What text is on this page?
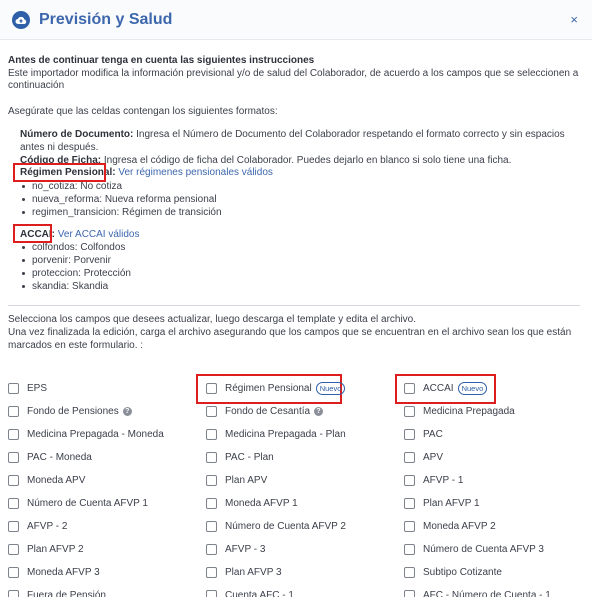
Previsión y Salud	×
Antes de continuar tenga en cuenta las siguientes instrucciones
Este importador modifica la información previsional y/o de salud del Colaborador, de acuerdo a los campos que se seleccionen a continuación
Asegúrate que las celdas contengan los siguientes formatos:
Número de Documento: Ingresa el Número de Documento del Colaborador respetando el formato correcto y sin espacios antes ni después.
Código de Ficha: Ingresa el código de ficha del Colaborador. Puedes dejarlo en blanco si solo tiene una ficha.
Régimen Pensional: Ver régimenes pensionales válidos
no_cotiza: No cotiza
nueva_reforma: Nueva reforma pensional
regimen_transicion: Régimen de transición
ACCAI: Ver ACCAI válidos
colfondos: Colfondos
porvenir: Porvenir
proteccion: Protección
skandia: Skandia
Selecciona los campos que desees actualizar, luego descarga el template y edita el archivo.
Una vez finalizada la edición, carga el archivo asegurando que los campos que se encuentran en el archivo sean los que están marcados en este formulario. :
EPS	Régimen Pensional	Nuevo	ACCAI	Nuevo
Fondo de Pensiones ?	Fondo de Cesantía ?	Medicina Prepagada
Medicina Prepagada - Moneda	Medicina Prepagada - Plan	PAC
PAC - Moneda	PAC - Plan	APV
Moneda APV	Plan APV	AFVP - 1
Número de Cuenta AFVP 1	Moneda AFVP 1	Plan AFVP 1
AFVP - 2	Número de Cuenta AFVP 2	Moneda AFVP 2
Plan AFVP 2	AFVP - 3	Número de Cuenta AFVP 3
Moneda AFVP 3	Plan AFVP 3	Subtipo Cotizante
Fuera de Pensión	Cuenta AFC - 1	AFC - Número de Cuenta - 1
